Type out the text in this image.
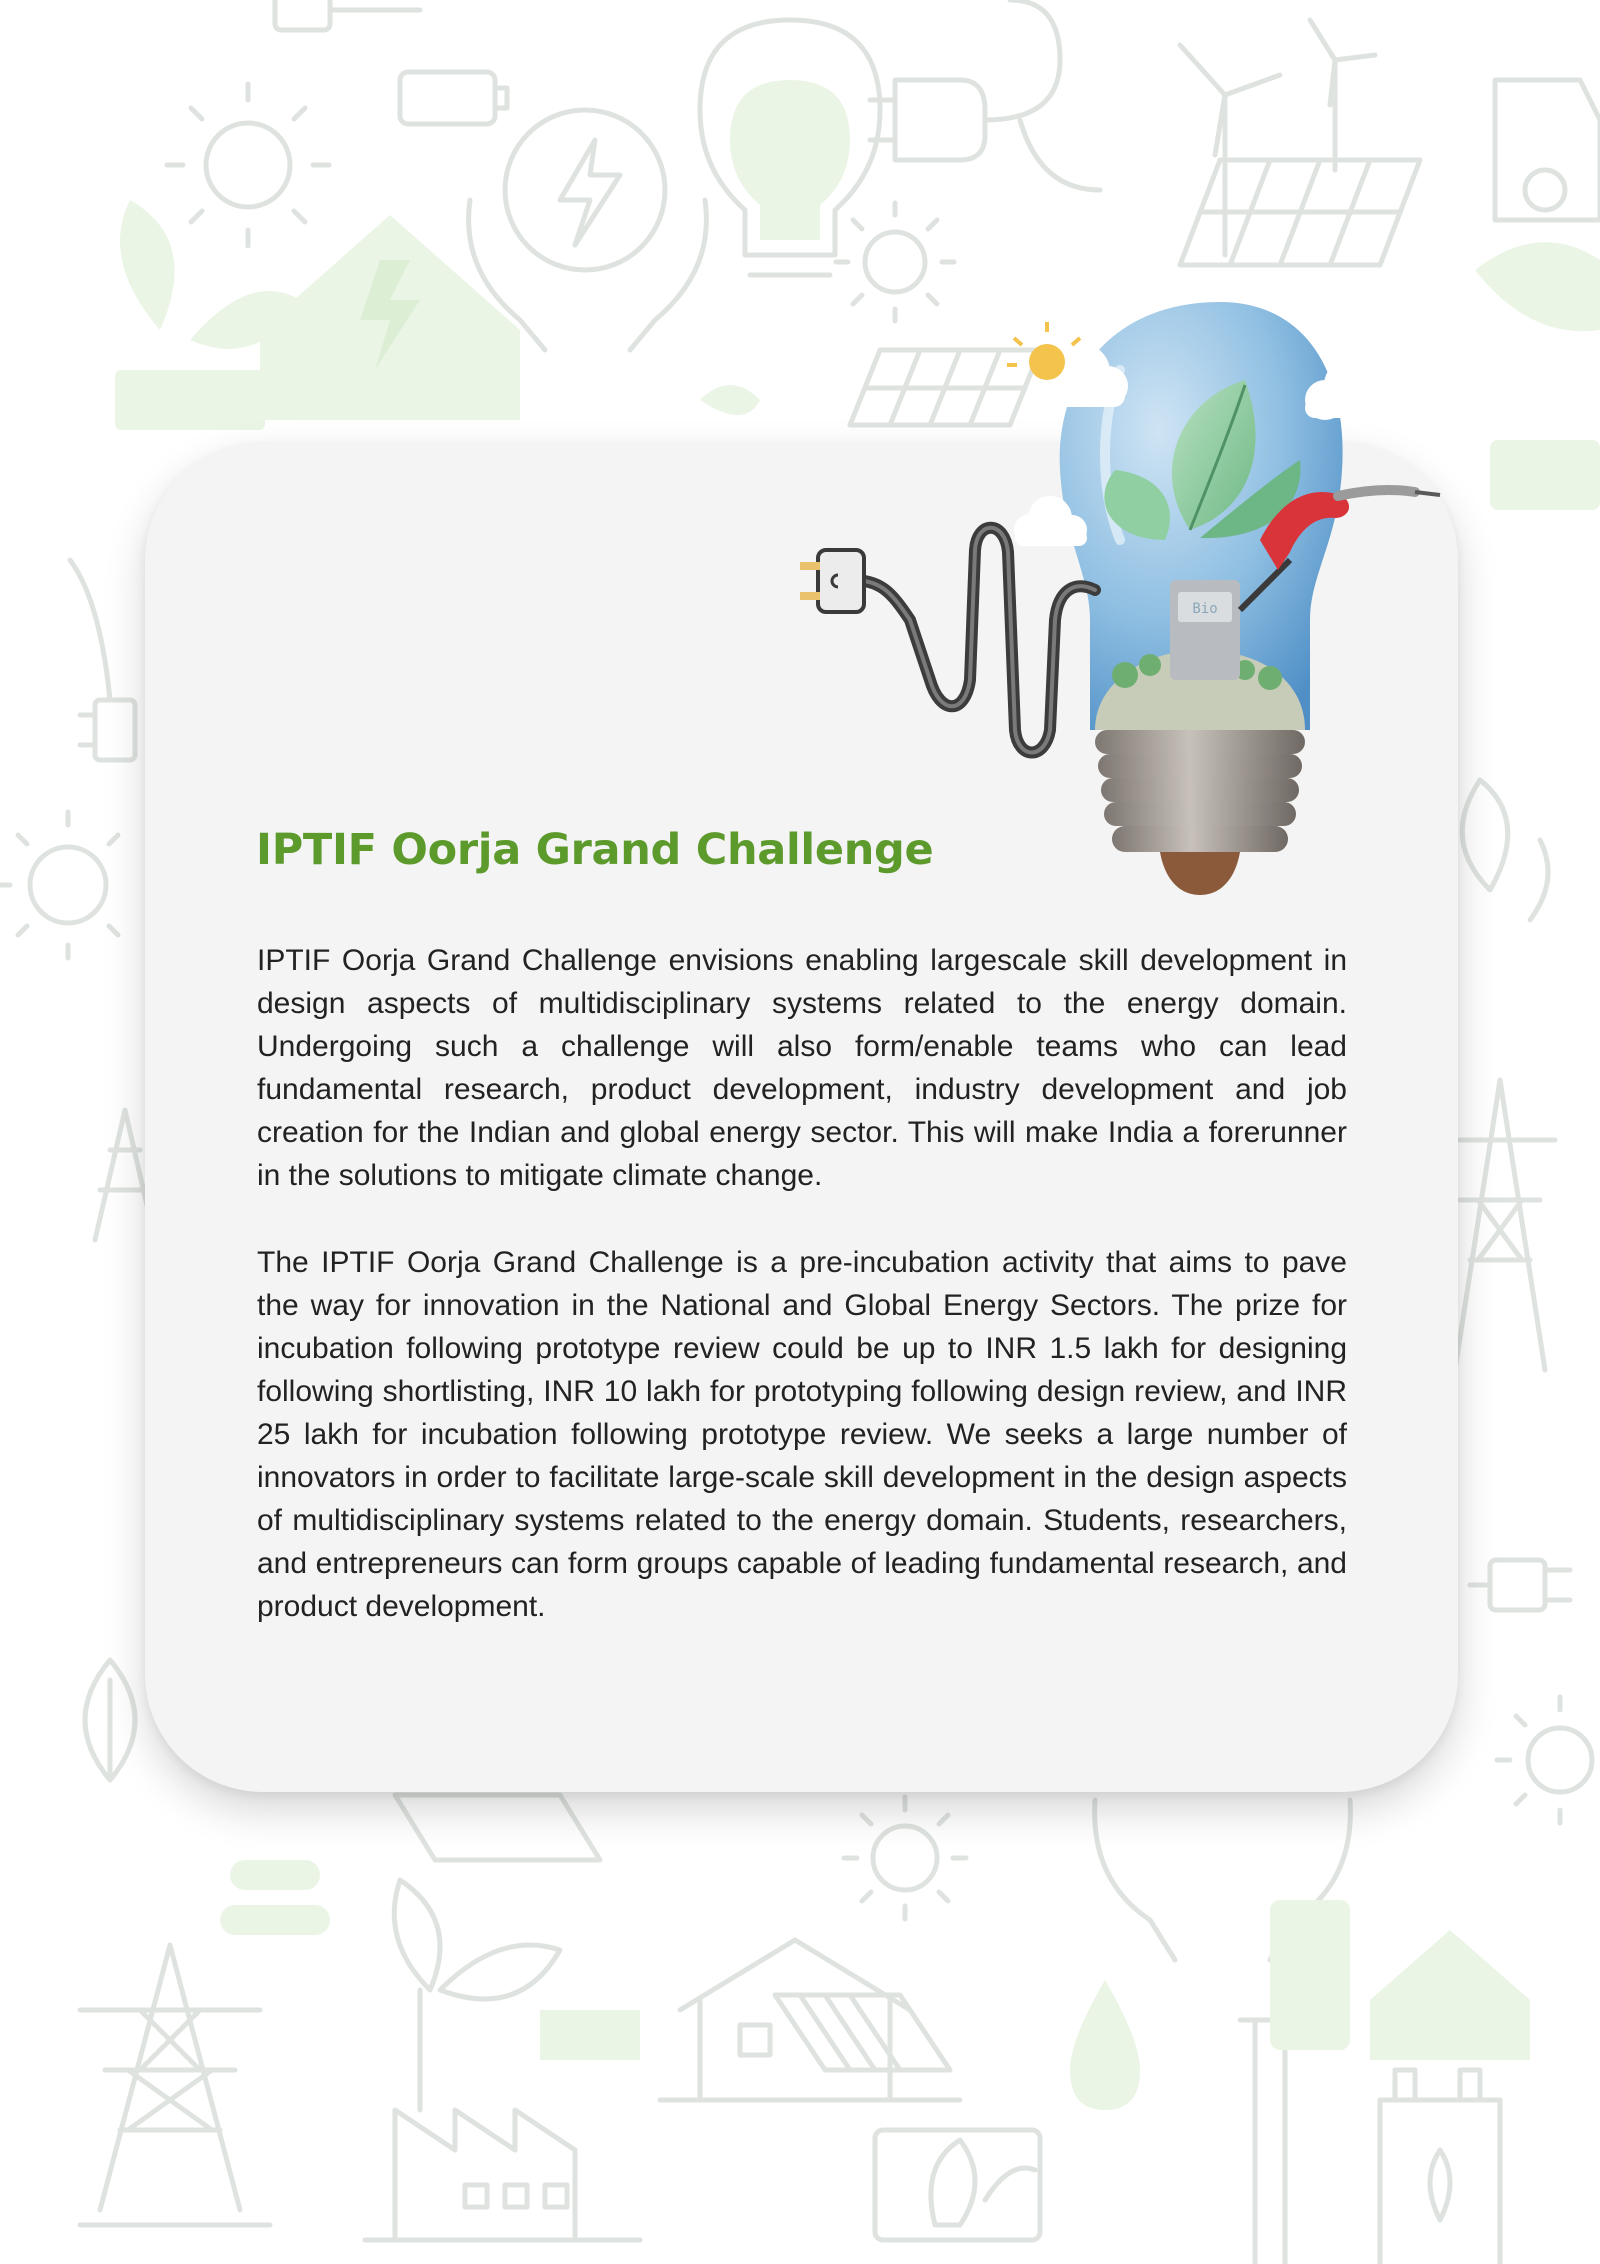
Bio
IPTIF Oorja Grand Challenge

IPTIF Oorja Grand Challenge envisions enabling largescale skill development in design aspects of multidisciplinary systems related to the energy domain. Undergoing such a challenge will also form/enable teams who can lead fundamental research, product development, industry development and job creation for the Indian and global energy sector. This will make India a forerunner in the solutions to mitigate climate change.

The IPTIF Oorja Grand Challenge is a pre-incubation activity that aims to pave the way for innovation in the National and Global Energy Sectors. The prize for incubation following prototype review could be up to INR 1.5 lakh for designing following shortlisting, INR 10 lakh for prototyping following design review, and INR 25 lakh for incubation following prototype review. We seeks a large number of innovators in order to facilitate large-scale skill development in the design aspects of multidisciplinary systems related to the energy domain. Students, researchers, and entrepreneurs can form groups capable of leading fundamental research, and product development.
